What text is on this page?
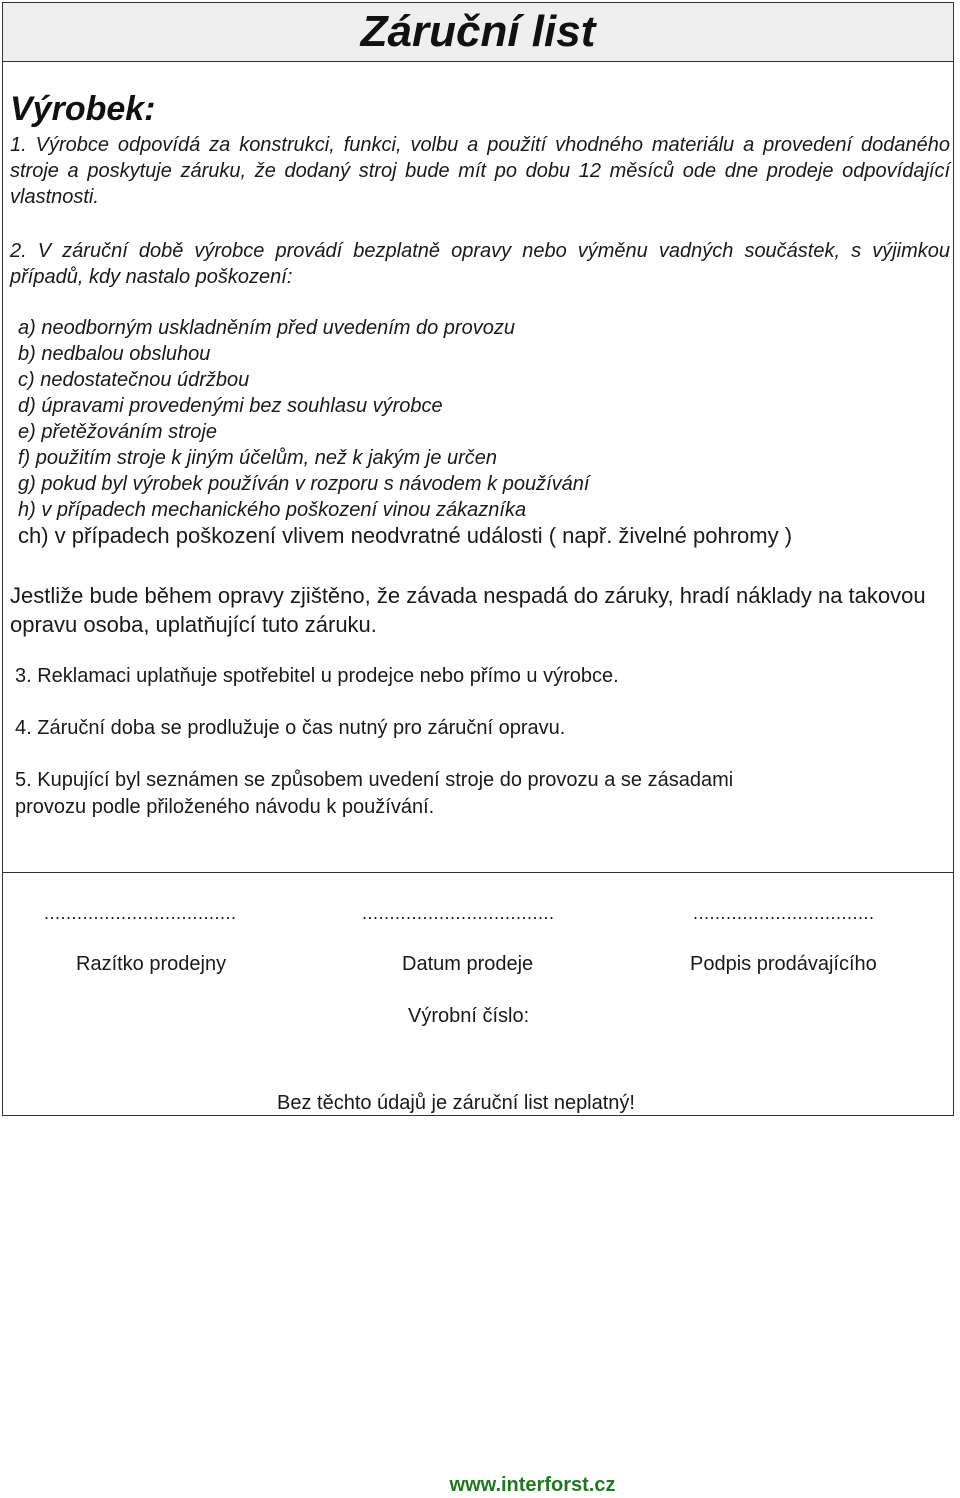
Záruční list
Výrobek:
1. Výrobce odpovídá za konstrukci, funkci, volbu a použití vhodného materiálu a provedení dodaného stroje a poskytuje záruku, že dodaný stroj bude mít po dobu 12 měsíců ode dne prodeje odpovídající vlastnosti.
2. V záruční době výrobce provádí bezplatně opravy nebo výměnu vadných součástek, s výjimkou případů, kdy nastalo poškození:
a) neodborným uskladněním před uvedením do provozu
b) nedbalou obsluhou
c) nedostatečnou údržbou
d) úpravami provedenými bez souhlasu výrobce
e) přetěžováním stroje
f) použitím stroje k jiným účelům, než k jakým je určen
g) pokud byl výrobek používán v rozporu s návodem k používání
h) v případech mechanického poškození vinou zákazníka
ch) v případech poškození vlivem neodvratné události ( např. živelné pohromy )
Jestliže bude během opravy zjištěno, že závada nespadá do záruky, hradí náklady na takovou opravu osoba, uplatňující tuto záruku.
3. Reklamaci uplatňuje spotřebitel u prodejce nebo přímo u výrobce.
4. Záruční doba se prodlužuje o čas nutný pro záruční opravu.
5. Kupující byl seznámen se způsobem uvedení stroje do provozu a se zásadami
provozu podle přiloženého návodu k používání.
...................................	...................................	.................................
Razítko prodejny	Datum prodeje	Podpis prodávajícího
Výrobní číslo:
Bez těchto údajů je záruční list neplatný!
www.interforst.cz
